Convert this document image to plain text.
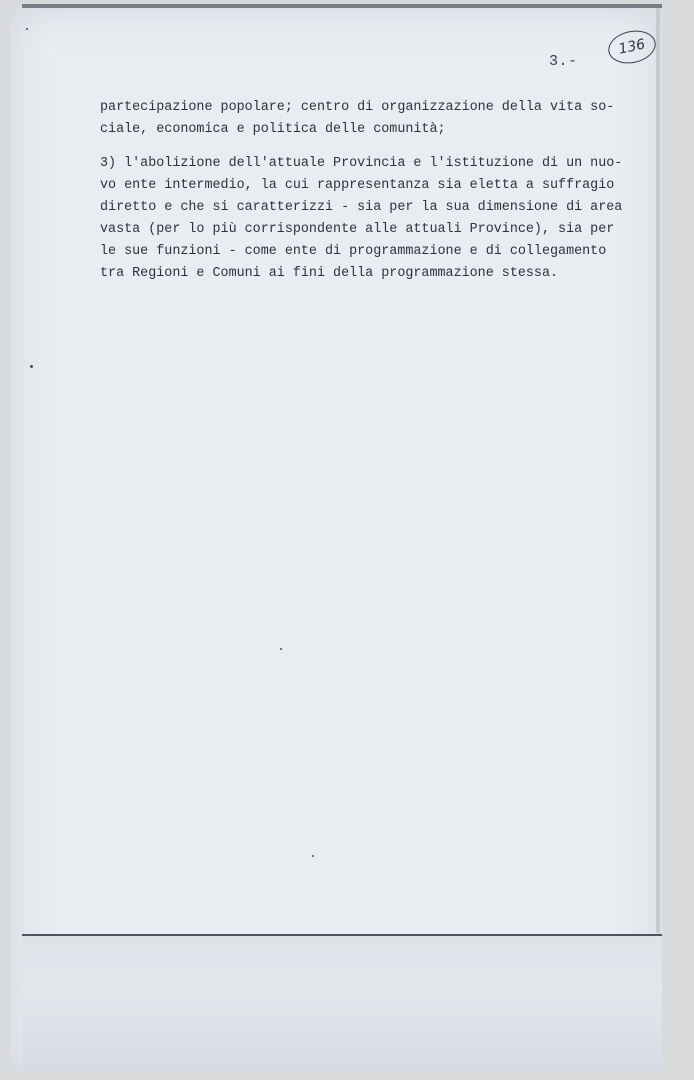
3.-
136
partecipazione popolare; centro di organizzazione della vita so-
ciale, economica e politica delle comunità;
3) l'abolizione dell'attuale Provincia e l'istituzione di un nuo-
vo ente intermedio, la cui rappresentanza sia eletta a suffragio
diretto e che si caratterizzi - sia per la sua dimensione di area
vasta (per lo più corrispondente alle attuali Province), sia per
le sue funzioni - come ente di programmazione e di collegamento
tra Regioni e Comuni ai fini della programmazione stessa.
